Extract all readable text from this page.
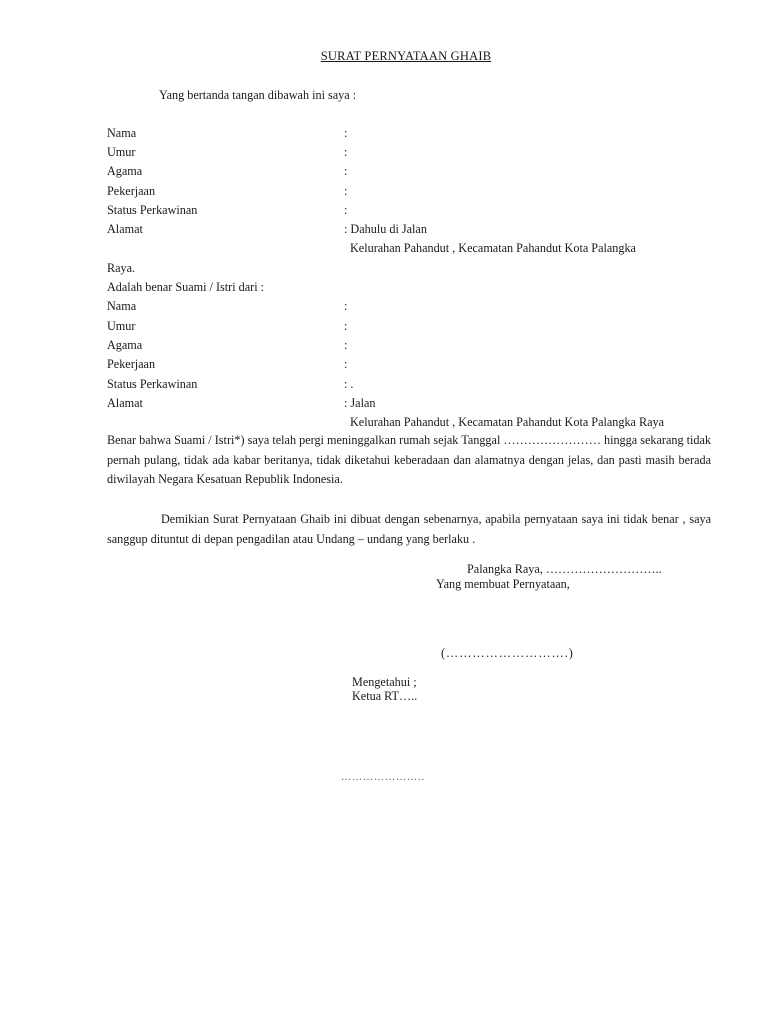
SURAT PERNYATAAN GHAIB
Yang bertanda tangan dibawah ini saya :
Nama	:
Umur	:
Agama	:
Pekerjaan	:
Status Perkawinan	:
Alamat	: Dahulu di Jalan
Kelurahan Pahandut , Kecamatan Pahandut Kota Palangka
Raya.
Adalah benar Suami / Istri dari :
Nama	:
Umur	:
Agama	:
Pekerjaan	:
Status Perkawinan	: .
Alamat	: Jalan
Kelurahan Pahandut , Kecamatan Pahandut Kota Palangka Raya
Benar bahwa Suami / Istri*) saya telah pergi meninggalkan rumah sejak Tanggal …………………… hingga sekarang tidak pernah pulang, tidak ada kabar beritanya, tidak diketahui keberadaan dan alamatnya dengan jelas, dan pasti masih berada diwilayah Negara Kesatuan Republik Indonesia.
Demikian Surat Pernyataan Ghaib ini dibuat dengan sebenarnya, apabila pernyataan saya ini tidak benar , saya sanggup dituntut di depan pengadilan atau Undang – undang yang berlaku .
Palangka Raya, ………………………..
Yang membuat Pernyataan,
(……………………….)
Mengetahui ;
Ketua RT…..
…………………..
